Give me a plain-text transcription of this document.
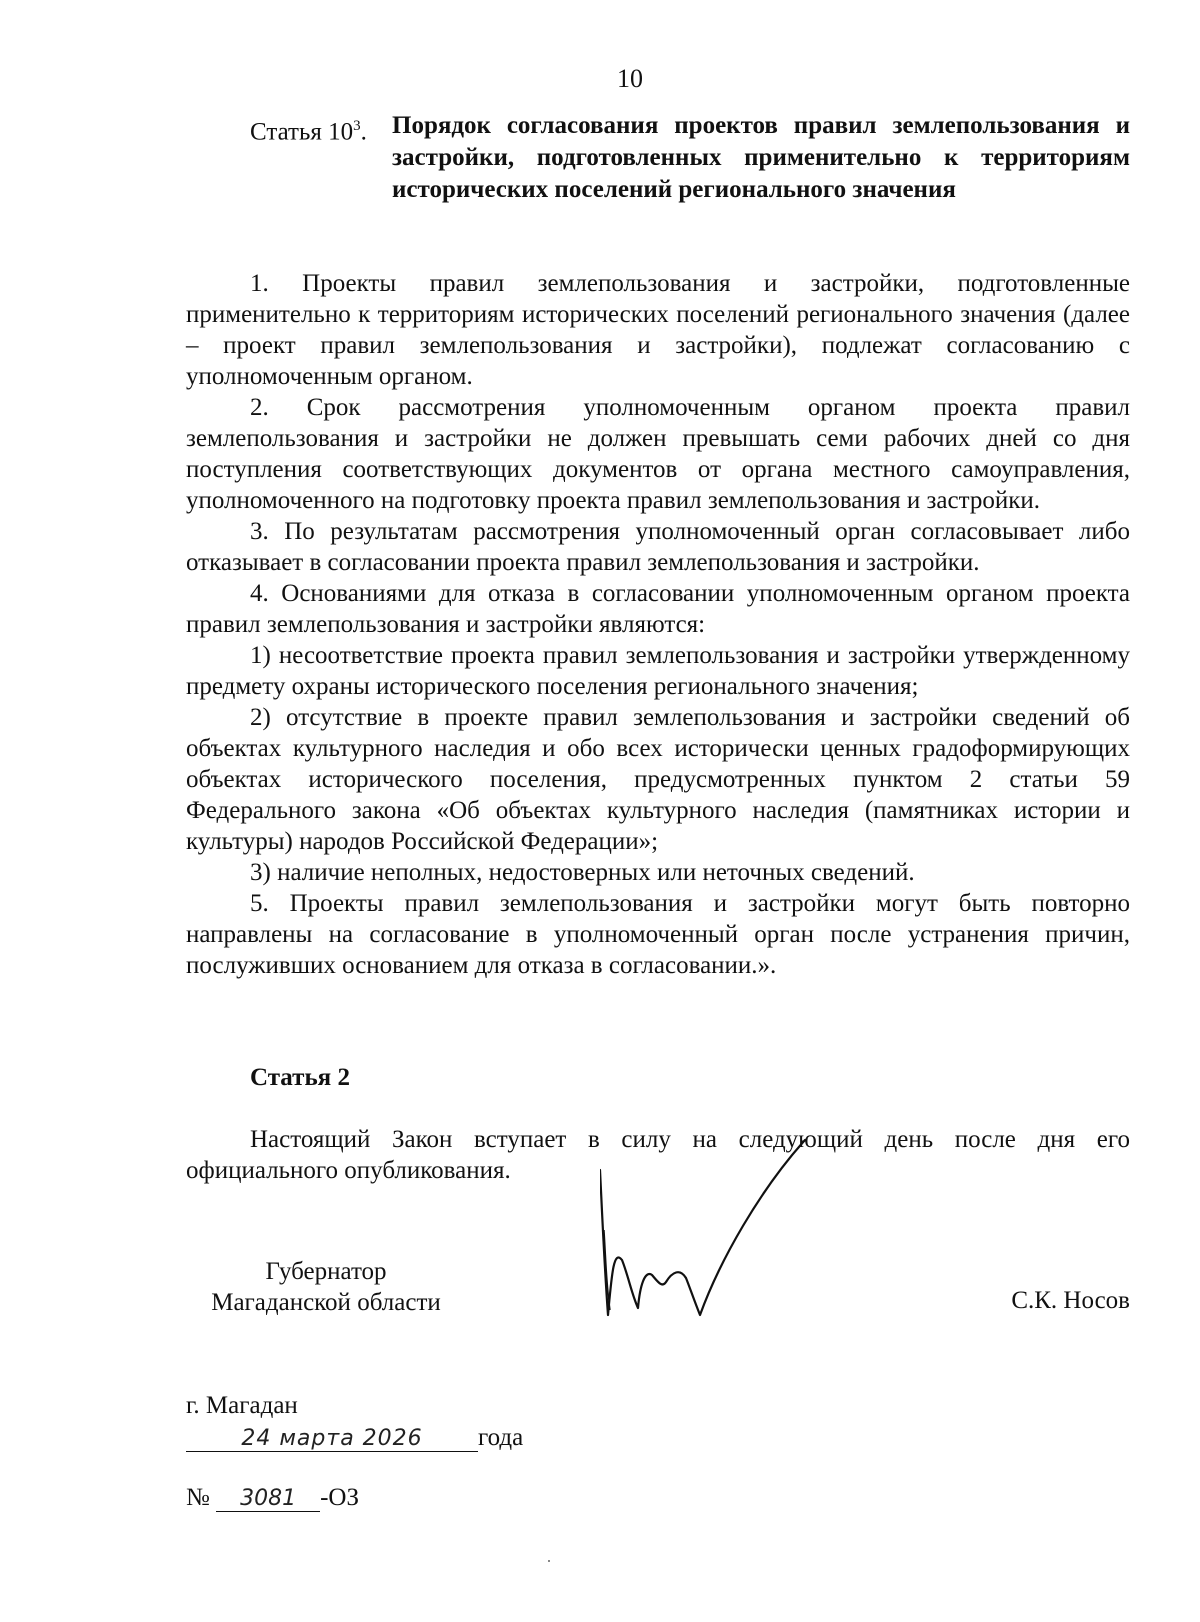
10
Статья $10^3$. Порядок согласования проектов правил землепользования и застройки, подготовленных применительно к территориям исторических поселений регионального значения

1. Проекты правил землепользования и застройки, подготовленные применительно к территориям исторических поселений регионального значения (далее – проект правил землепользования и застройки), подлежат согласованию с уполномоченным органом.

2. Срок рассмотрения уполномоченным органом проекта правил землепользования и застройки не должен превышать семи рабочих дней со дня поступления соответствующих документов от органа местного самоуправления, уполномоченного на подготовку проекта правил землепользования и застройки.

3. По результатам рассмотрения уполномоченный орган согласовывает либо отказывает в согласовании проекта правил землепользования и застройки.

4. Основаниями для отказа в согласовании уполномоченным органом проекта правил землепользования и застройки являются:

1) несоответствие проекта правил землепользования и застройки утвержденному предмету охраны исторического поселения регионального значения;

2) отсутствие в проекте правил землепользования и застройки сведений об объектах культурного наследия и обо всех исторически ценных градоформирующих объектах исторического поселения, предусмотренных пунктом 2 статьи 59 Федерального закона «Об объектах культурного наследия (памятниках истории и культуры) народов Российской Федерации»;

3) наличие неполных, недостоверных или неточных сведений.

5. Проекты правил землепользования и застройки могут быть повторно направлены на согласование в уполномоченный орган после устранения причин, послуживших основанием для отказа в согласовании.».

Статья 2

Настоящий Закон вступает в силу на следующий день после дня его официального опубликования.

Губернатор
Магаданской области	С.К. Носов
г. Магадан
24 марта 2026 года
№ 3081 -ОЗ
